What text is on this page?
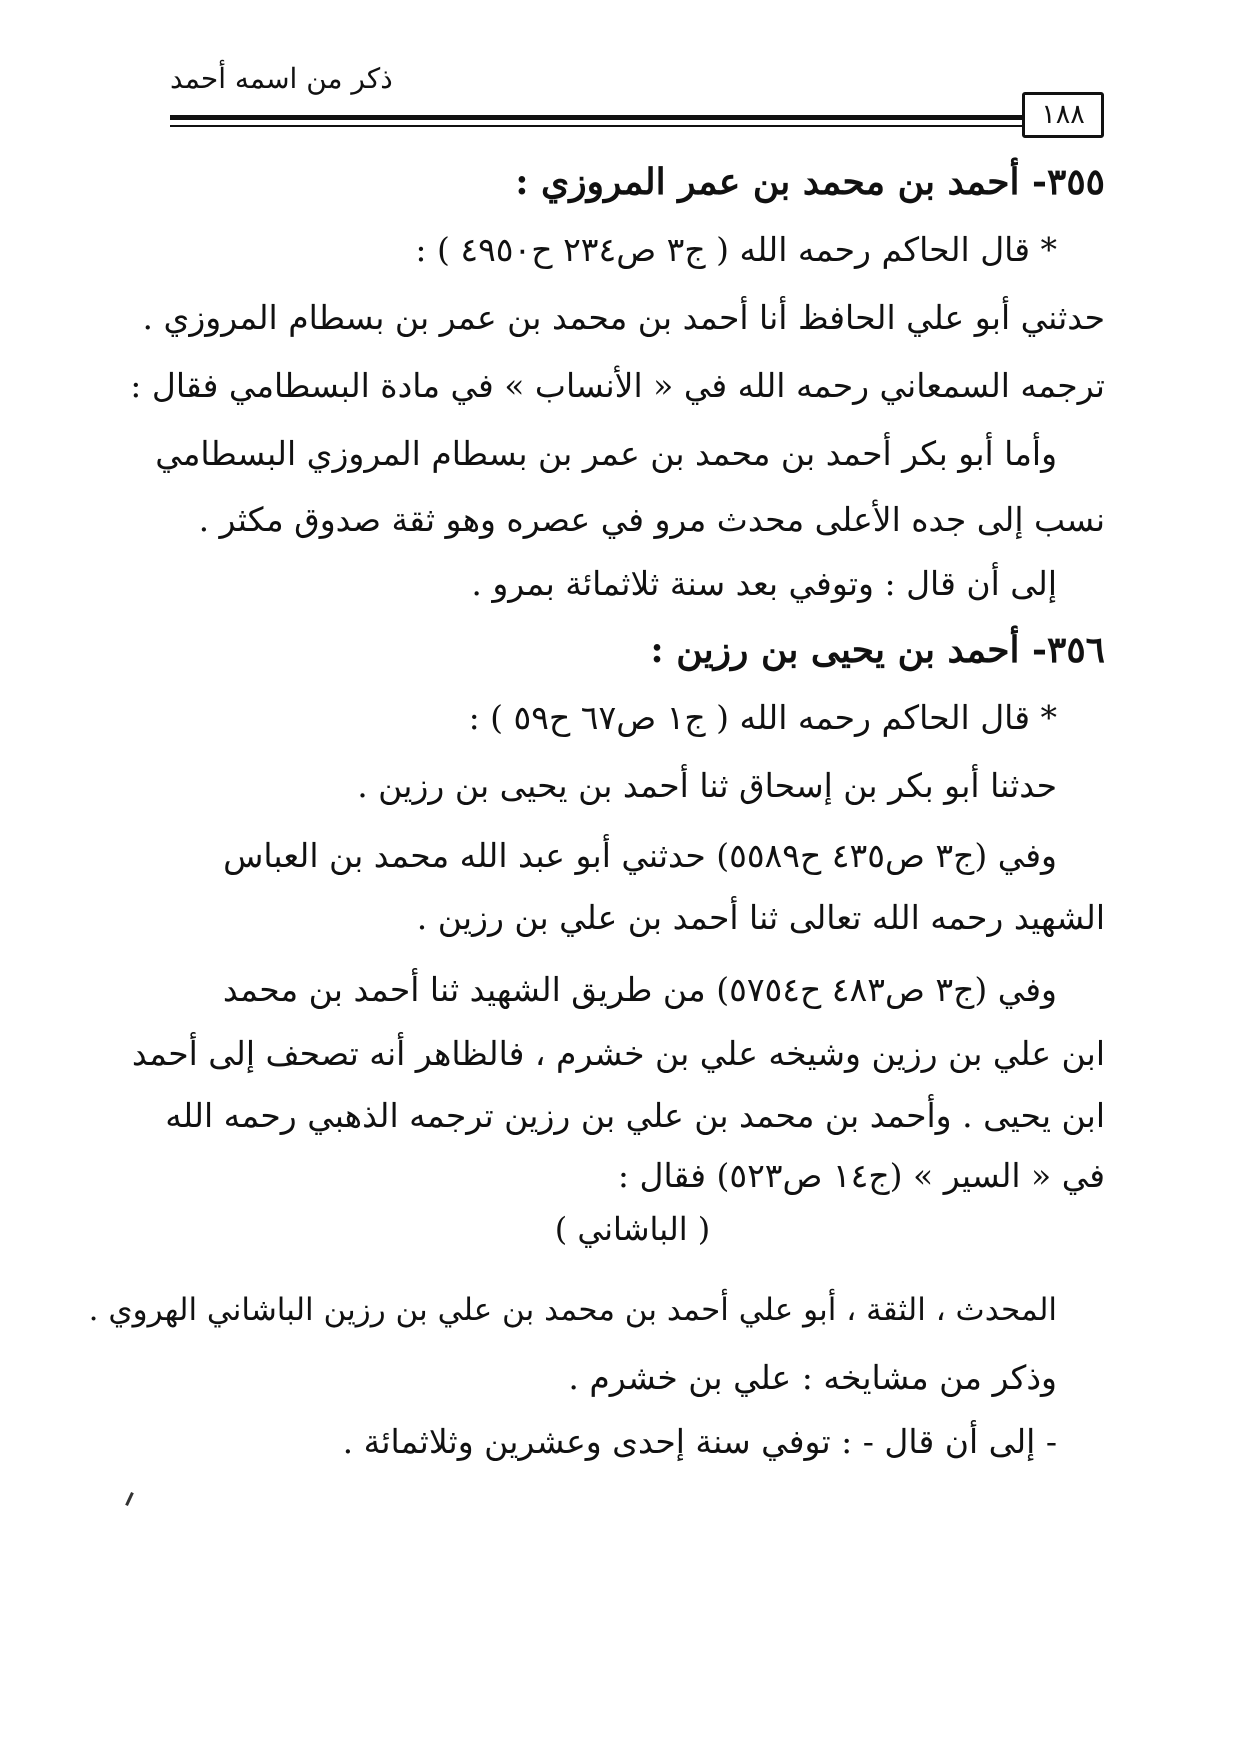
ذكر من اسمه أحمد
١٨٨
٣٥٥- أحمد بن محمد بن عمر المروزي :
* قال الحاكم رحمه الله ( ج٣ ص٢٣٤ ح٤٩٥٠ ) :
حدثني أبو علي الحافظ أنا أحمد بن محمد بن عمر بن بسطام المروزي .
ترجمه السمعاني رحمه الله في « الأنساب » في مادة البسطامي فقال :
وأما أبو بكر أحمد بن محمد بن عمر بن بسطام المروزي البسطامي
نسب إلى جده الأعلى محدث مرو في عصره وهو ثقة صدوق مكثر .
إلى أن قال : وتوفي بعد سنة ثلاثمائة بمرو .
٣٥٦- أحمد بن يحيى بن رزين :
* قال الحاكم رحمه الله ( ج١ ص٦٧ ح٥٩ ) :
حدثنا أبو بكر بن إسحاق ثنا أحمد بن يحيى بن رزين .
وفي (ج٣ ص٤٣٥ ح٥٥٨٩) حدثني أبو عبد الله محمد بن العباس
الشهيد رحمه الله تعالى ثنا أحمد بن علي بن رزين .
وفي (ج٣ ص٤٨٣ ح٥٧٥٤) من طريق الشهيد ثنا أحمد بن محمد
ابن علي بن رزين وشيخه علي بن خشرم ، فالظاهر أنه تصحف إلى أحمد
ابن يحيى . وأحمد بن محمد بن علي بن رزين ترجمه الذهبي رحمه الله
في « السير » (ج١٤ ص٥٢٣) فقال :
( الباشاني )
المحدث ، الثقة ، أبو علي أحمد بن محمد بن علي بن رزين الباشاني الهروي .
وذكر من مشايخه : علي بن خشرم .
- إلى أن قال - : توفي سنة إحدى وعشرين وثلاثمائة .
